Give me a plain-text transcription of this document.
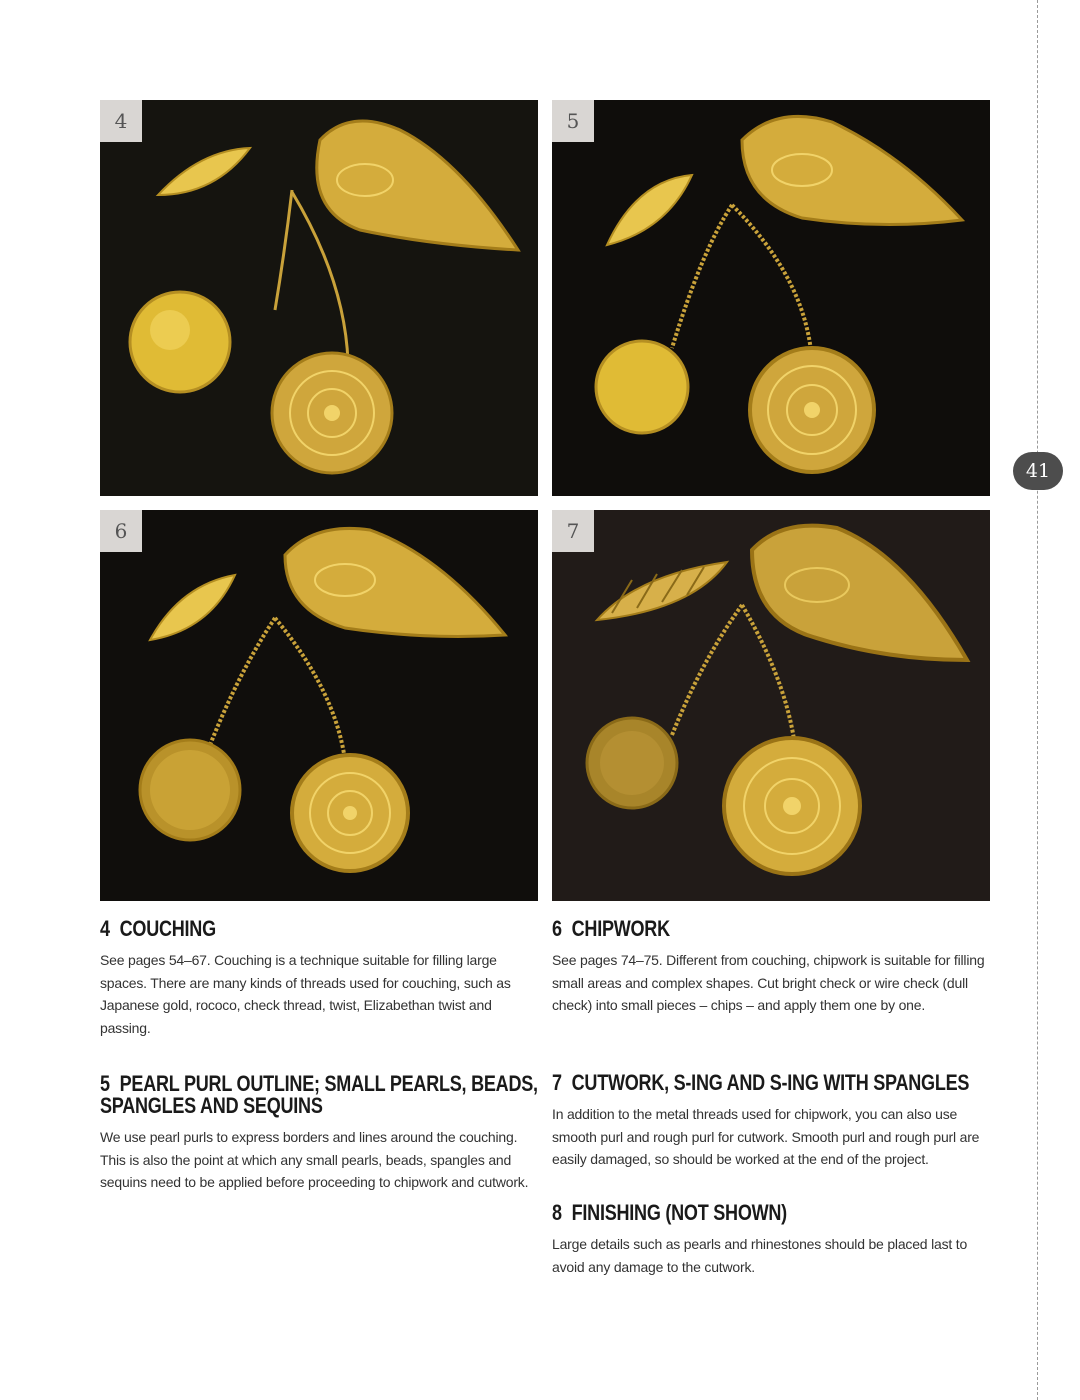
4	5
6	7
4 COUCHING

See pages 54–67. Couching is a technique suitable for filling large spaces. There are many kinds of threads used for couching, such as Japanese gold, rococo, check thread, twist, Elizabethan twist and passing.

5 PEARL PURL OUTLINE; SMALL PEARLS, BEADS, SPANGLES AND SEQUINS

We use pearl purls to express borders and lines around the couching. This is also the point at which any small pearls, beads, spangles and sequins need to be applied before proceeding to chipwork and cutwork.

6 CHIPWORK

See pages 74–75. Different from couching, chipwork is suitable for filling small areas and complex shapes. Cut bright check or wire check (dull check) into small pieces – chips – and apply them one by one.

7 CUTWORK, S-ING AND S-ING WITH SPANGLES

In addition to the metal threads used for chipwork, you can also use smooth purl and rough purl for cutwork. Smooth purl and rough purl are easily damaged, so should be worked at the end of the project.

8 FINISHING (NOT SHOWN)

Large details such as pearls and rhinestones should be placed last to avoid any damage to the cutwork.

41
